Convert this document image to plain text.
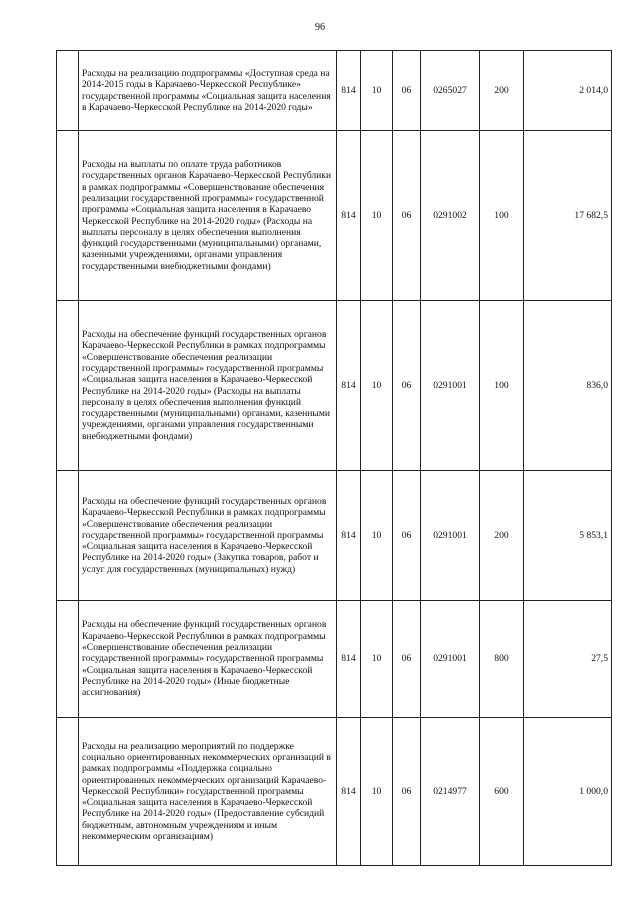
96
	Расходы на реализацию подпрограммы «Доступная среда на 2014-2015 годы в Карачаево-Черкесской Республике» государственной программы «Социальная защита населения в Карачаево-Черкесской Республике на 2014-2020 годы»	814	10	06	0265027	200	2 014,0
	Расходы на выплаты по оплате труда работников государственных органов Карачаево-Черкесской Республики в рамках подпрограммы «Совершенствование обеспечения реализации государственной программы» государственной программы «Социальная защита населения в Карачаево Черкесской Республике на 2014-2020 годы» (Расходы на выплаты персоналу в целях обеспечения выполнения функций государственными (муниципальными) органами, казенными учреждениями, органами управления государственными внебюджетными фондами)	814	10	06	0291002	100	17 682,5
	Расходы на обеспечение функций государственных органов Карачаево-Черкесской Республики в рамках подпрограммы «Совершенствование обеспечения реализации государственной программы» государственной программы «Социальная защита населения в Карачаево-Черкесской Республике на 2014-2020 годы» (Расходы на выплаты персоналу в целях обеспечения выполнения функций государственными (муниципальными) органами, казенными учреждениями, органами управления государственными внебюджетными фондами)	814	10	06	0291001	100	836,0
	Расходы на обеспечение функций государственных органов Карачаево-Черкесской Республики в рамках подпрограммы «Совершенствование обеспечения реализации государственной программы» государственной программы «Социальная защита населения в Карачаево-Черкесской Республике на 2014-2020 годы» (Закупка товаров, работ и услуг для государственных (муниципальных) нужд)	814	10	06	0291001	200	5 853,1
	Расходы на обеспечение функций государственных органов Карачаево-Черкесской Республики в рамках подпрограммы «Совершенствование обеспечения реализации государственной программы» государственной программы «Социальная защита населения в Карачаево-Черкесской Республике на 2014-2020 годы» (Иные бюджетные ассигнования)	814	10	06	0291001	800	27,5
	Расходы на реализацию мероприятий по поддержке социально ориентированных некоммерческих организаций в рамках подпрограммы «Поддержка социально ориентированных некоммерческих организаций Карачаево-Черкесской Республики» государственной программы «Социальная защита населения в Карачаево-Черкесской Республике на 2014-2020 годы» (Предоставление субсидий бюджетным, автономным учреждениям и иным некоммерческим организациям)	814	10	06	0214977	600	1 000,0
